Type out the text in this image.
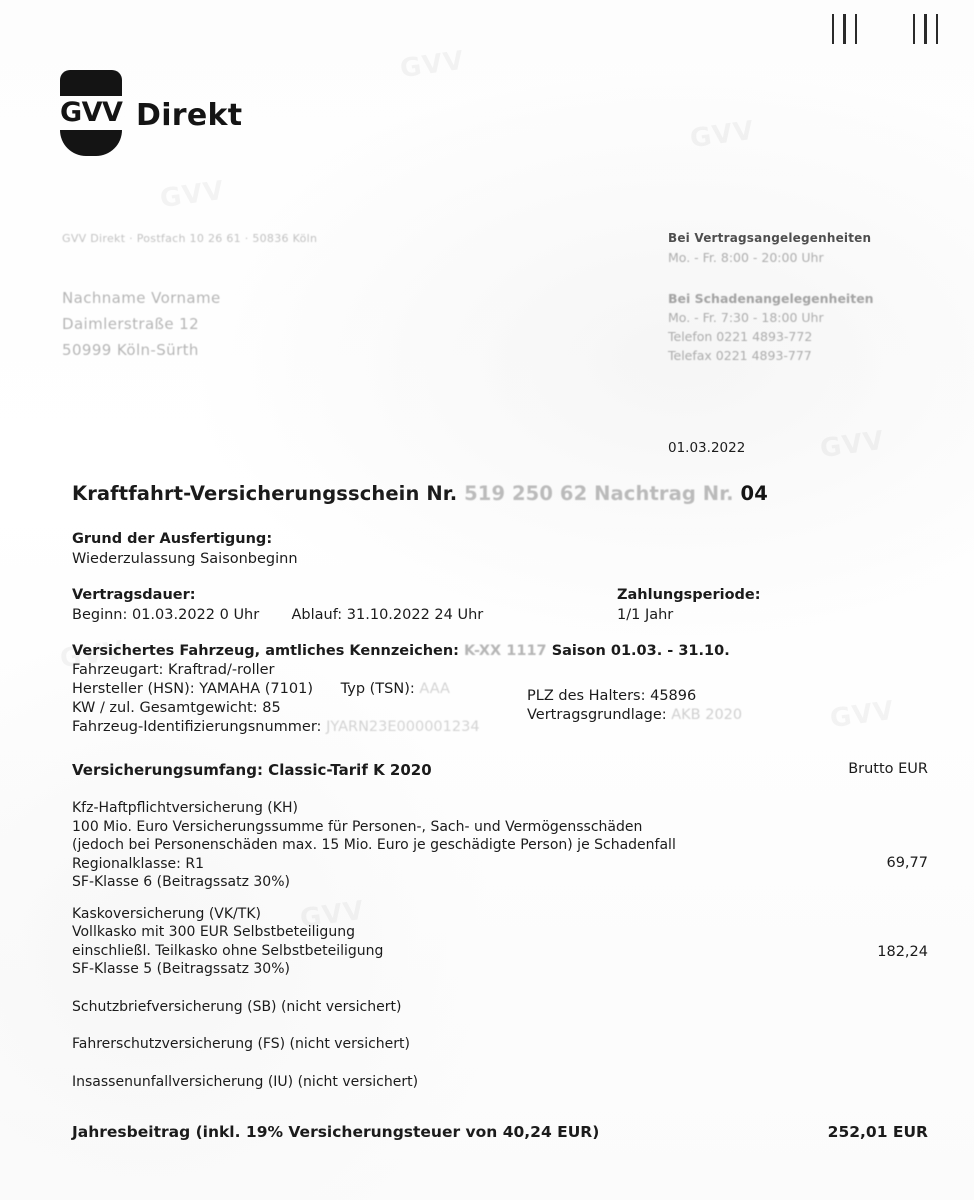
GVV Direkt
GVV Direkt · Postfach 10 26 61 · 50836 Köln
Nachname Vorname
Daimlerstraße 12
50999 Köln-Sürth
Bei Vertragsangelegenheiten
Mo. - Fr. 8:00 - 20:00 Uhr
Bei Schadenangelegenheiten
Mo. - Fr. 7:30 - 18:00 Uhr
Telefon 0221 4893-772
Telefax 0221 4893-777
01.03.2022
Kraftfahrt-Versicherungsschein Nr. 519 250 62 Nachtrag Nr. 04
Grund der Ausfertigung:
Wiederzulassung Saisonbeginn
Vertragsdauer:
Beginn: 01.03.2022 0 Uhr Ablauf: 31.10.2022 24 Uhr
Zahlungsperiode:
1/1 Jahr
Versichertes Fahrzeug, amtliches Kennzeichen: K-XX 1117 Saison 01.03. - 31.10.
Fahrzeugart: Kraftrad/-roller
Hersteller (HSN): YAMAHA (7101) Typ (TSN): AAA
KW / zul. Gesamtgewicht: 85
Fahrzeug-Identifizierungsnummer: JYARN23E000001234
PLZ des Halters: 45896
Vertragsgrundlage: AKB 2020
Versicherungsumfang: Classic-Tarif K 2020	Brutto EUR
Kfz-Haftpflichtversicherung (KH)
100 Mio. Euro Versicherungssumme für Personen-, Sach- und Vermögensschäden
(jedoch bei Personenschäden max. 15 Mio. Euro je geschädigte Person) je Schadenfall
Regionalklasse: R1
SF-Klasse 6 (Beitragssatz 30%)
69,77
Kaskoversicherung (VK/TK)
Vollkasko mit 300 EUR Selbstbeteiligung
einschließl. Teilkasko ohne Selbstbeteiligung
SF-Klasse 5 (Beitragssatz 30%)
182,24
Schutzbriefversicherung (SB) (nicht versichert)
Fahrerschutzversicherung (FS) (nicht versichert)
Insassenunfallversicherung (IU) (nicht versichert)
Jahresbeitrag (inkl. 19% Versicherungsteuer von 40,24 EUR)	252,01 EUR
